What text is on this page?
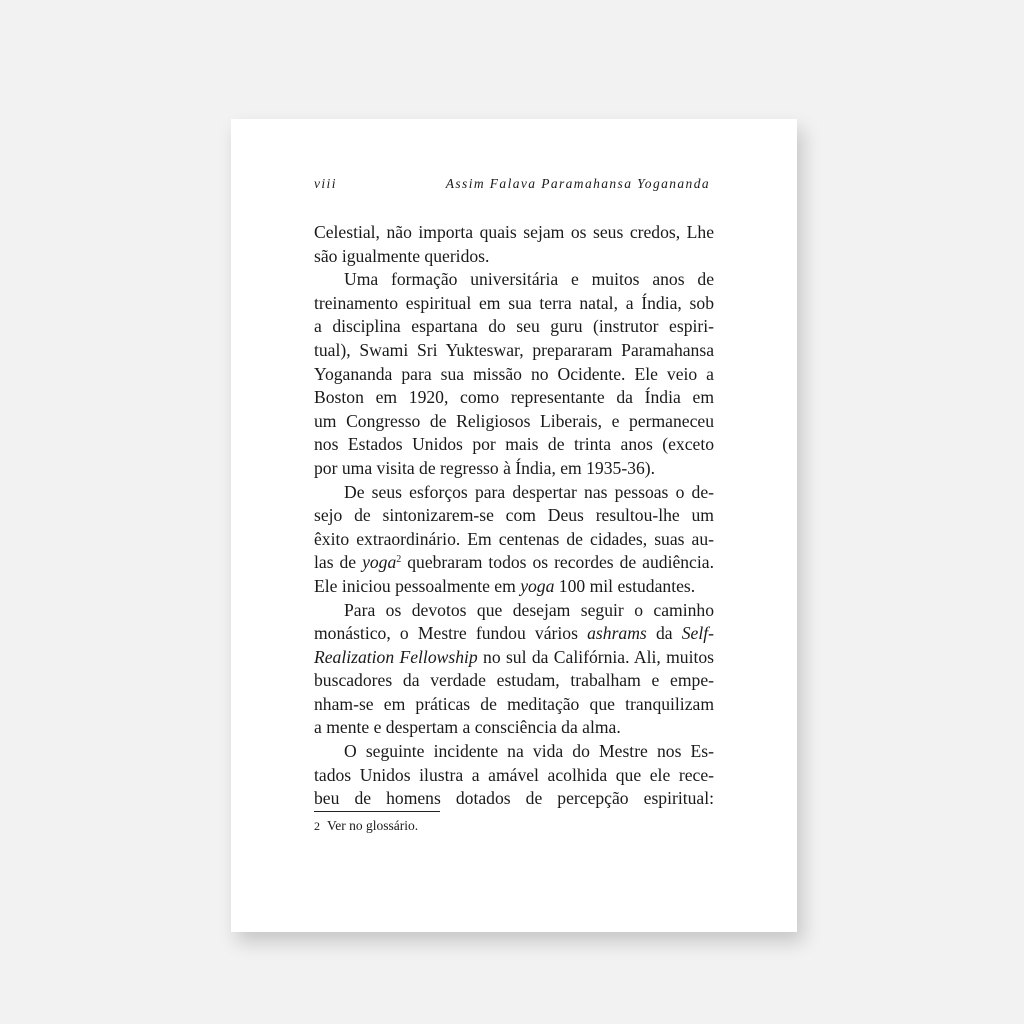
viii	Assim Falava Paramahansa Yogananda
Celestial, não importa quais sejam os seus credos, Lhe
são igualmente queridos.
Uma formação universitária e muitos anos de
treinamento espiritual em sua terra natal, a Índia, sob
a disciplina espartana do seu guru (instrutor espiri-
tual), Swami Sri Yukteswar, prepararam Paramahansa
Yogananda para sua missão no Ocidente. Ele veio a
Boston em 1920, como representante da Índia em
um Congresso de Religiosos Liberais, e permaneceu
nos Estados Unidos por mais de trinta anos (exceto
por uma visita de regresso à Índia, em 1935-36).
De seus esforços para despertar nas pessoas o de-
sejo de sintonizarem-se com Deus resultou-lhe um
êxito extraordinário. Em centenas de cidades, suas au-
las de yoga$^2$ quebraram todos os recordes de audiência.
Ele iniciou pessoalmente em yoga 100 mil estudantes.
Para os devotos que desejam seguir o caminho
monástico, o Mestre fundou vários ashrams da Self-
Realization Fellowship no sul da Califórnia. Ali, muitos
buscadores da verdade estudam, trabalham e empe-
nham-se em práticas de meditação que tranquilizam
a mente e despertam a consciência da alma.
O seguinte incidente na vida do Mestre nos Es-
tados Unidos ilustra a amável acolhida que ele rece-
beu de homens dotados de percepção espiritual:
2 Ver no glossário.
